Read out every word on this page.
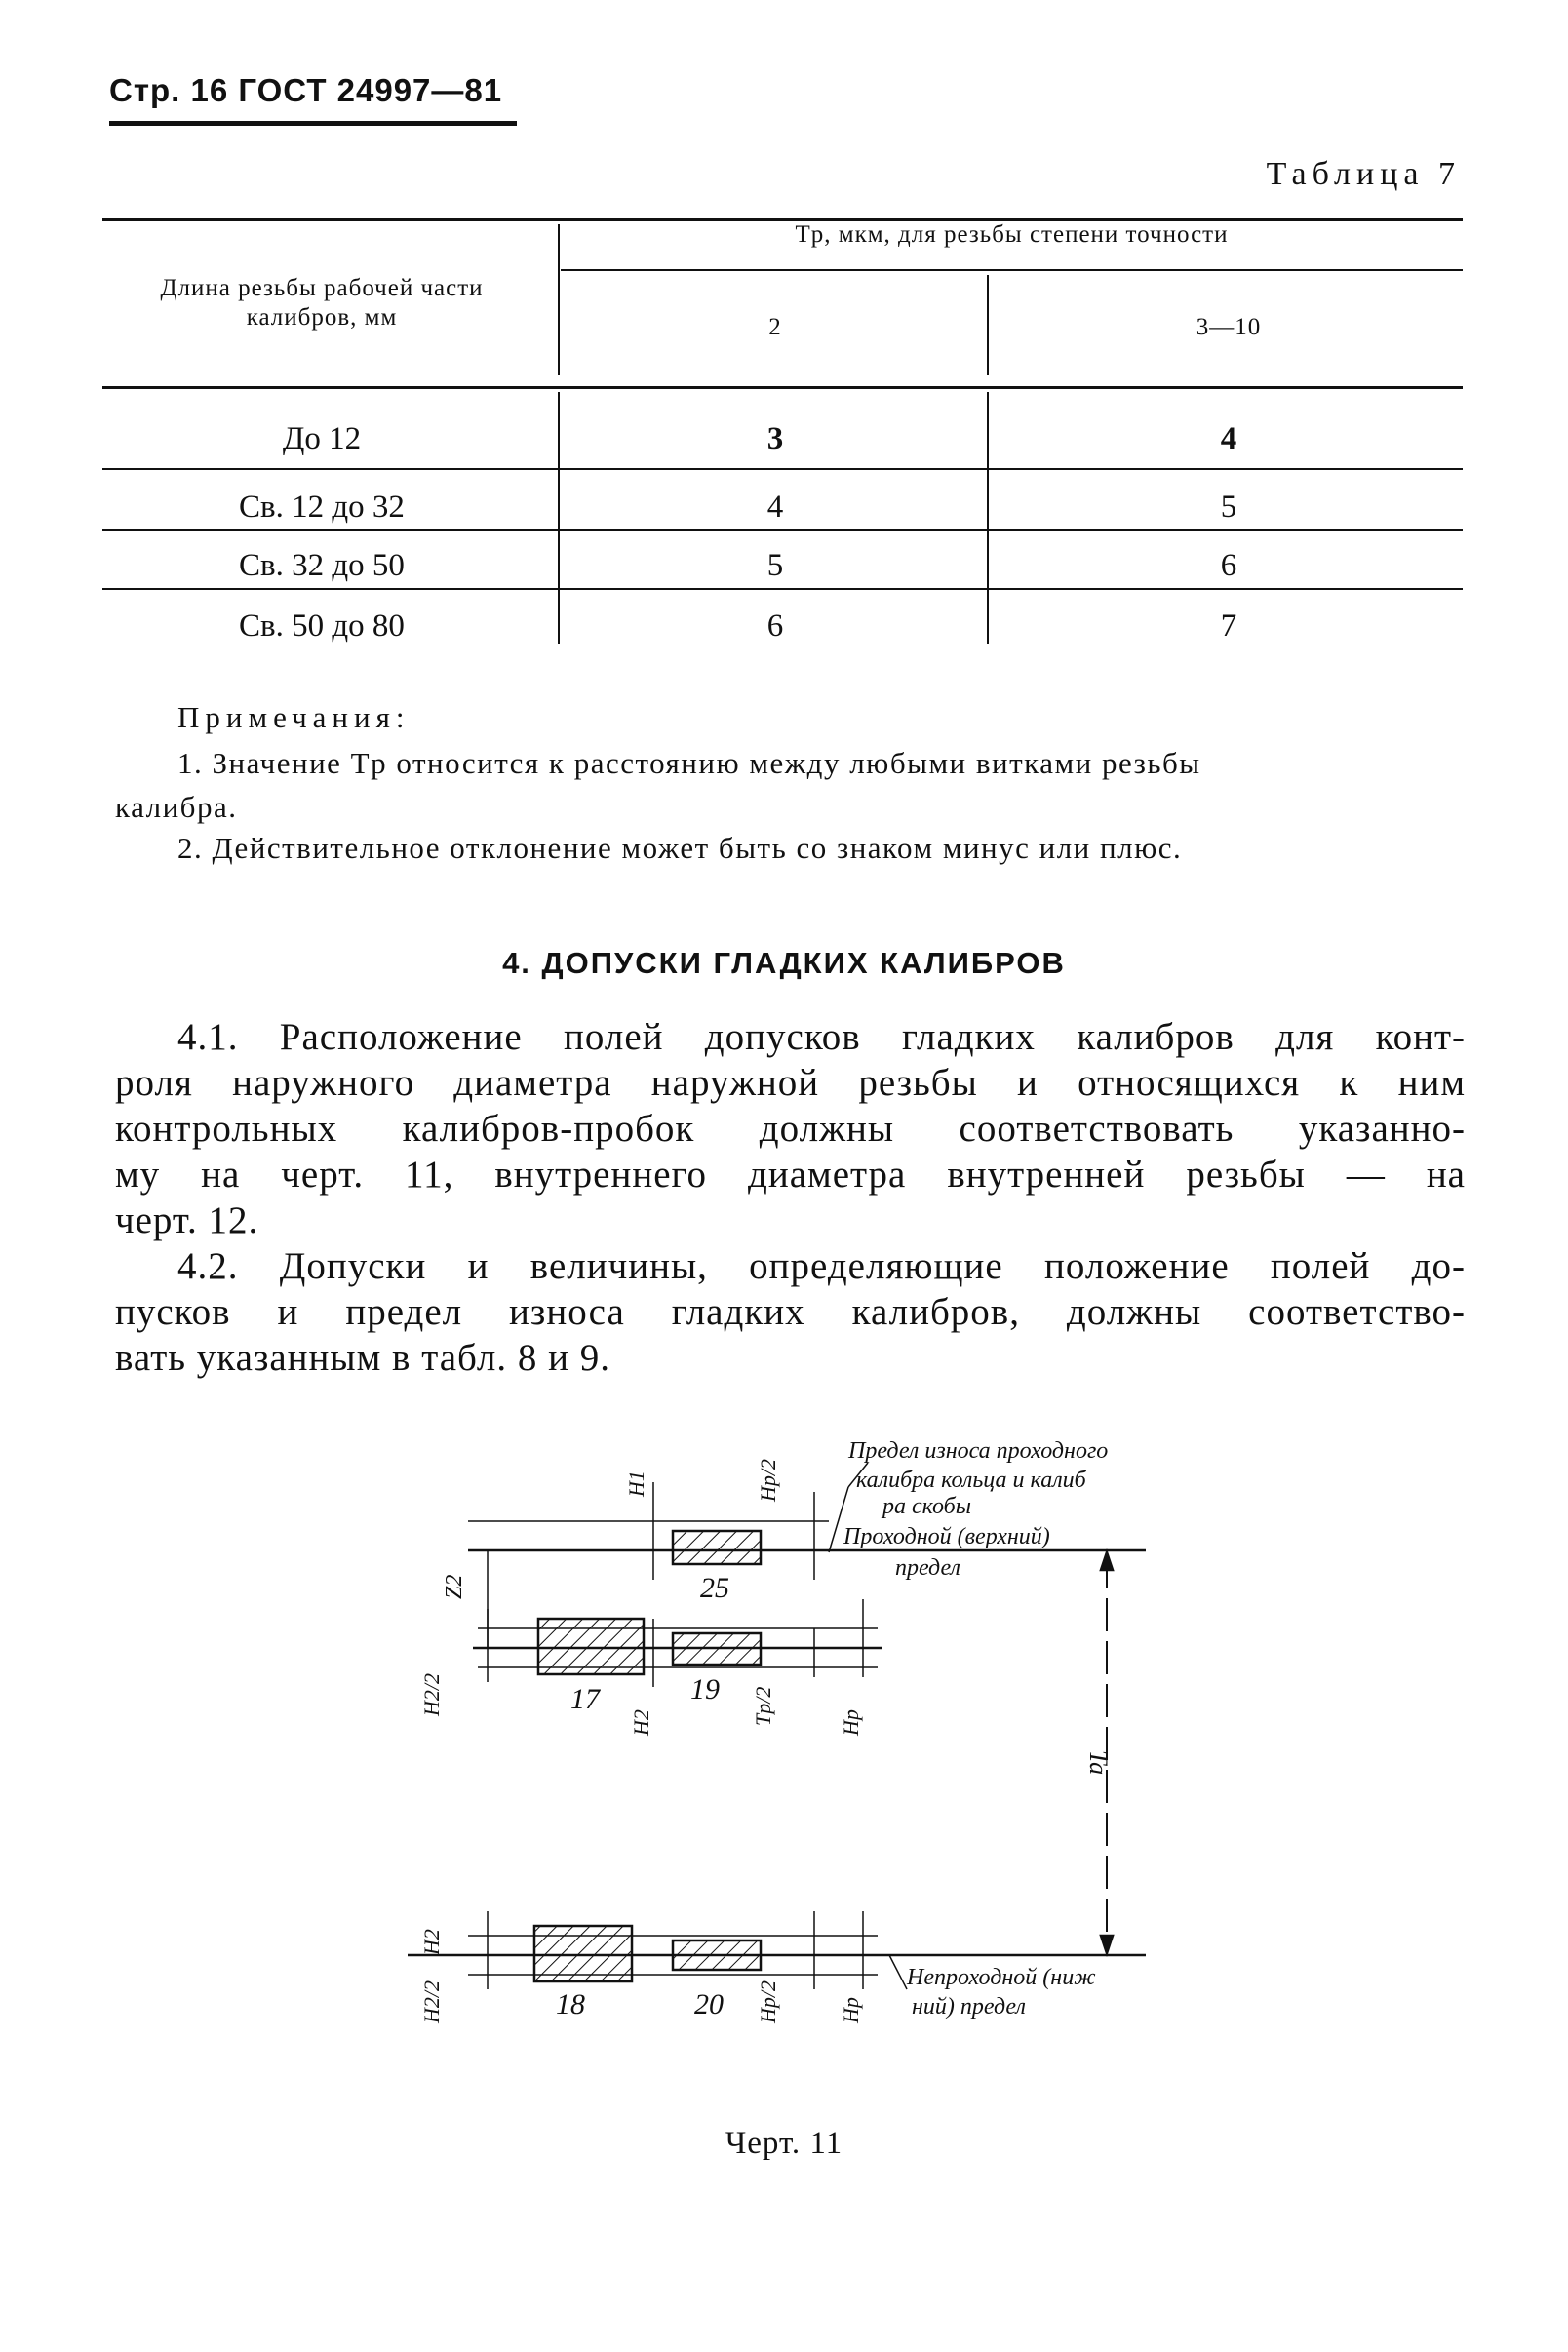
Стр. 16 ГОСТ 24997—81
Таблица 7
Длина резьбы рабочей части
калибров, мм
Tр, мкм, для резьбы степени точности
2	3—10
До 12	3	4
Св. 12 до 32	4	5
Св. 32 до 50	5	6
Св. 50 до 80	6	7
Примечания:
1. Значение Tр относится к расстоянию между любыми витками резьбы
калибра.
2. Действительное отклонение может быть со знаком минус или плюс.
4. ДОПУСКИ ГЛАДКИХ КАЛИБРОВ
4.1. Расположение полей допусков гладких калибров для конт-
роля наружного диаметра наружной резьбы и относящихся к ним
контрольных калибров-пробок должны соответствовать указанно-
му на черт. 11, внутреннего диаметра внутренней резьбы — на
черт. 12.
4.2. Допуски и величины, определяющие положение полей до-
пусков и предел износа гладких калибров, должны соответство-
вать указанным в табл. 8 и 9.
Предел износа проходного
калибра кольца и калиб
ра скобы
Проходной (верхний)
предел
Непроходной (ниж
ний) предел
25
19
17
18	20
Ta
Z2
H1	Hp/2
H2/2
H2	Tp/2	Hp
H2
H2/2	Hp/2	Hp
Черт. 11
